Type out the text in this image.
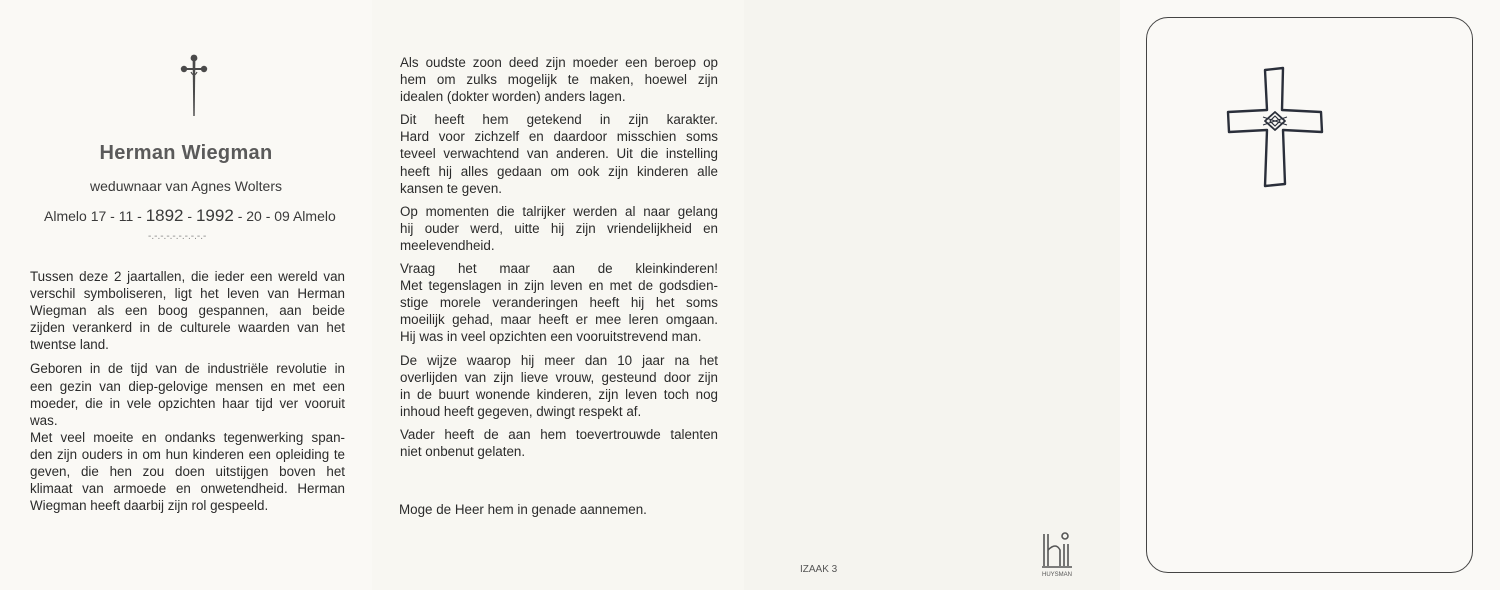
Herman Wiegman
weduwnaar van Agnes Wolters
Almelo 17 - 11 - 1892 - 1992 - 20 - 09 Almelo
-.-.-.-.-.-.-.-.-.-

Tussen deze 2 jaartallen, die ieder een wereld van
verschil symboliseren, ligt het leven van Herman
Wiegman als een boog gespannen, aan beide
zijden verankerd in de culturele waarden van het
twentse land.

Geboren in de tijd van de industriële revolutie in
een gezin van diep-gelovige mensen en met een
moeder, die in vele opzichten haar tijd ver vooruit
was.
Met veel moeite en ondanks tegenwerking span-
den zijn ouders in om hun kinderen een opleiding te
geven, die hen zou doen uitstijgen boven het
klimaat van armoede en onwetendheid. Herman
Wiegman heeft daarbij zijn rol gespeeld.

Als oudste zoon deed zijn moeder een beroep op
hem om zulks mogelijk te maken, hoewel zijn
idealen (dokter worden) anders lagen.

Dit heeft hem getekend in zijn karakter.
Hard voor zichzelf en daardoor misschien soms
teveel verwachtend van anderen. Uit die instelling
heeft hij alles gedaan om ook zijn kinderen alle
kansen te geven.

Op momenten die talrijker werden al naar gelang
hij ouder werd, uitte hij zijn vriendelijkheid en
meelevendheid.

Vraag het maar aan de kleinkinderen!
Met tegenslagen in zijn leven en met de godsdien-
stige morele veranderingen heeft hij het soms
moeilijk gehad, maar heeft er mee leren omgaan.
Hij was in veel opzichten een vooruitstrevend man.

De wijze waarop hij meer dan 10 jaar na het
overlijden van zijn lieve vrouw, gesteund door zijn
in de buurt wonende kinderen, zijn leven toch nog
inhoud heeft gegeven, dwingt respekt af.

Vader heeft de aan hem toevertrouwde talenten
niet onbenut gelaten.

Moge de Heer hem in genade aannemen.
IZAAK 3	HUYSMAN
